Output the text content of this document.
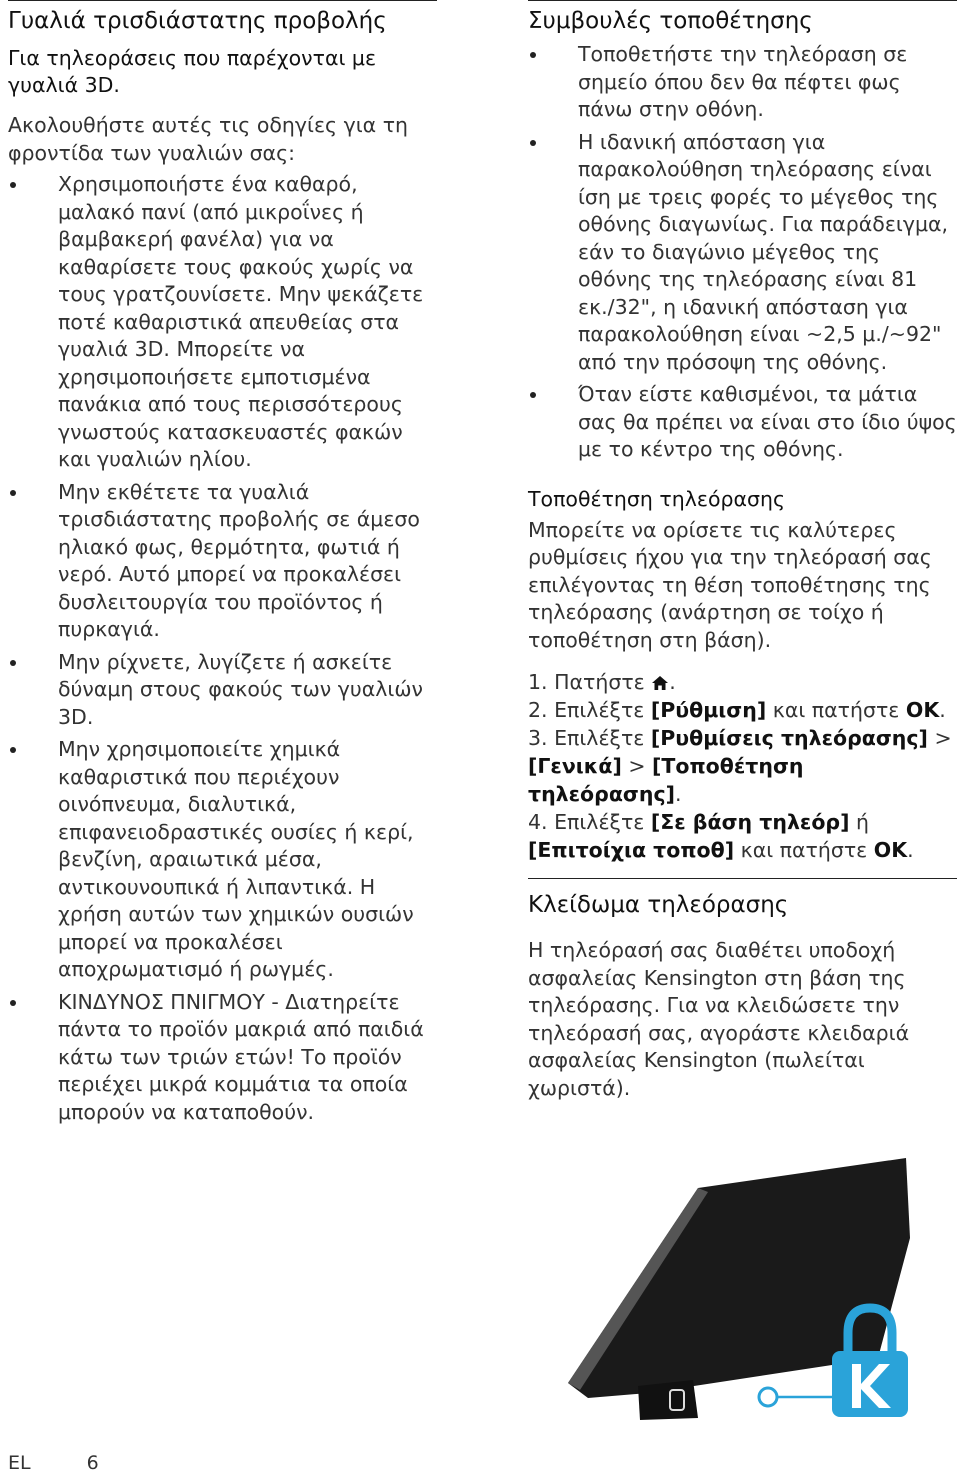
Γυαλιά τρισδιάστατης προβολής
Για τηλεοράσεις που παρέχονται με γυαλιά 3D.

Ακολουθήστε αυτές τις οδηγίες για τη φροντίδα των γυαλιών σας:

Χρησιμοποιήστε ένα καθαρό, μαλακό πανί (από μικροΐνες ή βαμβακερή φανέλα) για να καθαρίσετε τους φακούς χωρίς να τους γρατζουνίσετε. Μην ψεκάζετε ποτέ καθαριστικά απευθείας στα γυαλιά 3D. Μπορείτε να χρησιμοποιήσετε εμποτισμένα πανάκια από τους περισσότερους γνωστούς κατασκευαστές φακών και γυαλιών ηλίου.
Μην εκθέτετε τα γυαλιά τρισδιάστατης προβολής σε άμεσο ηλιακό φως, θερμότητα, φωτιά ή νερό. Αυτό μπορεί να προκαλέσει δυσλειτουργία του προϊόντος ή πυρκαγιά.
Μην ρίχνετε, λυγίζετε ή ασκείτε δύναμη στους φακούς των γυαλιών 3D.
Μην χρησιμοποιείτε χημικά καθαριστικά που περιέχουν οινόπνευμα, διαλυτικά, επιφανειοδραστικές ουσίες ή κερί, βενζίνη, αραιωτικά μέσα, αντικουνουπικά ή λιπαντικά. Η χρήση αυτών των χημικών ουσιών μπορεί να προκαλέσει αποχρωματισμό ή ρωγμές.
ΚΙΝΔΥΝΟΣ ΠΝΙΓΜΟΥ - Διατηρείτε πάντα το προϊόν μακριά από παιδιά κάτω των τριών ετών! Το προϊόν περιέχει μικρά κομμάτια τα οποία μπορούν να καταποθούν.
Συμβουλές τοποθέτησης
Τοποθετήστε την τηλεόραση σε σημείο όπου δεν θα πέφτει φως πάνω στην οθόνη.
Η ιδανική απόσταση για παρακολούθηση τηλεόρασης είναι ίση με τρεις φορές το μέγεθος της οθόνης διαγωνίως. Για παράδειγμα, εάν το διαγώνιο μέγεθος της οθόνης της τηλεόρασης είναι 81 εκ./32", η ιδανική απόσταση για παρακολούθηση είναι ~2,5 μ./~92" από την πρόσοψη της οθόνης.
Όταν είστε καθισμένοι, τα μάτια σας θα πρέπει να είναι στο ίδιο ύψος με το κέντρο της οθόνης.
Τοποθέτηση τηλεόρασης

Μπορείτε να ορίσετε τις καλύτερες ρυθμίσεις ήχου για την τηλεόρασή σας επιλέγοντας τη θέση τοποθέτησης της τηλεόρασης (ανάρτηση σε τοίχο ή τοποθέτηση στη βάση).

1. Πατήστε .
2. Επιλέξτε [Ρύθμιση] και πατήστε OK.
3. Επιλέξτε [Ρυθμίσεις τηλεόρασης] > [Γενικά] > [Τοποθέτηση τηλεόρασης].
4. Επιλέξτε [Σε βάση τηλεόρ] ή [Επιτοίχια τοποθ] και πατήστε OK.
Κλείδωμα τηλεόρασης

Η τηλεόρασή σας διαθέτει υποδοχή ασφαλείας Kensington στη βάση της τηλεόρασης. Για να κλειδώσετε την τηλεόρασή σας, αγοράστε κλειδαριά ασφαλείας Kensington (πωλείται χωριστά).

EL	6
